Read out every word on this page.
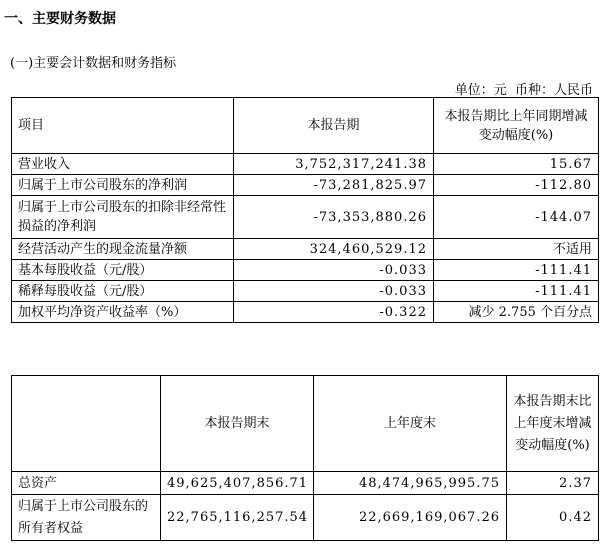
一、主要财务数据
(一)主要会计数据和财务指标
单位：元  币种：人民币
项目	本报告期	本报告期比上年同期增减变动幅度(%)
营业收入	3,752,317,241.38	15.67
归属于上市公司股东的净利润	-73,281,825.97	-112.80
归属于上市公司股东的扣除非经常性损益的净利润	-73,353,880.26	-144.07
经营活动产生的现金流量净额	324,460,529.12	不适用
基本每股收益（元/股）	-0.033	-111.41
稀释每股收益（元/股）	-0.033	-111.41
加权平均净资产收益率（%）	-0.322	减少 2.755 个百分点
	本报告期末	上年度末	本报告期末比上年度末增减变动幅度(%)
总资产	49,625,407,856.71	48,474,965,995.75	2.37
归属于上市公司股东的所有者权益	22,765,116,257.54	22,669,169,067.26	0.42
